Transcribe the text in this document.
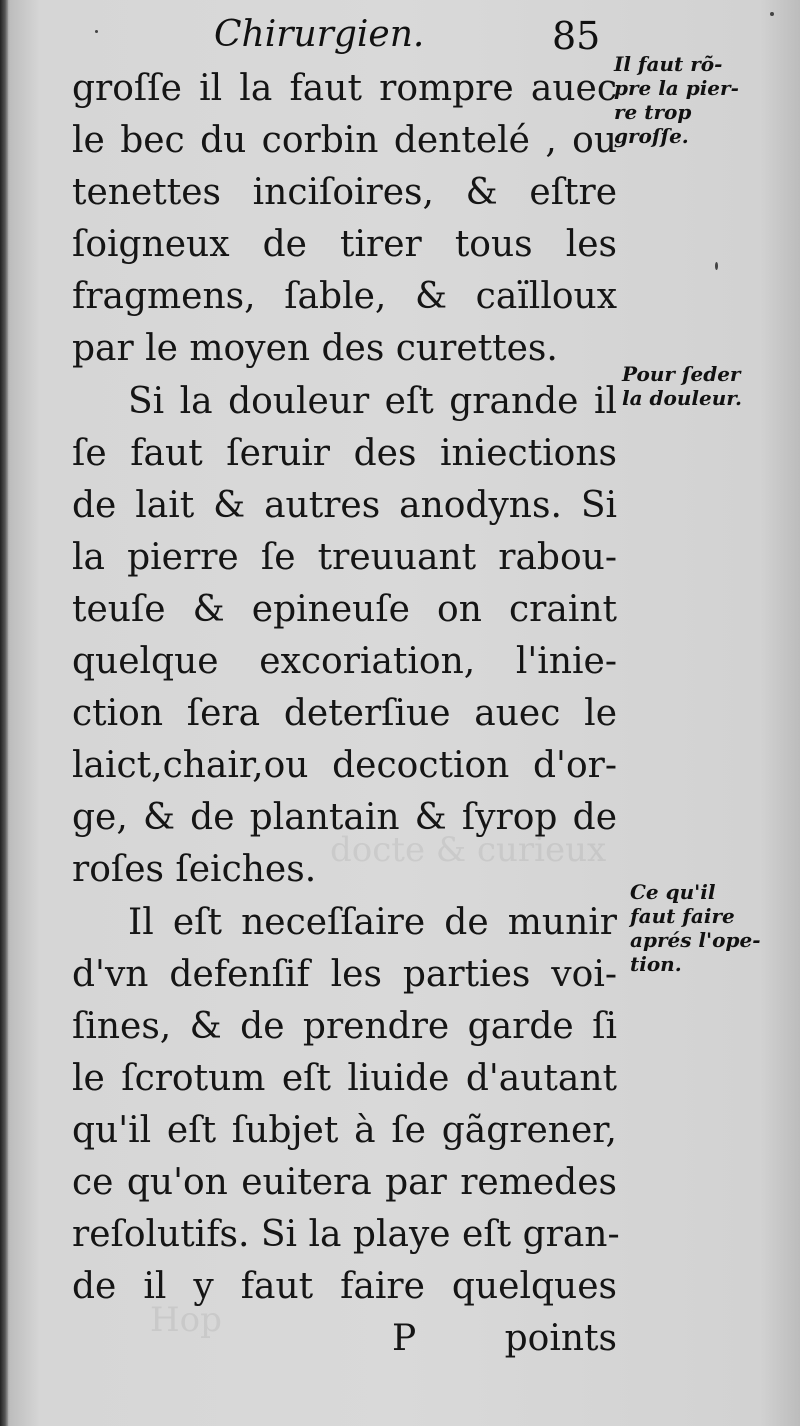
docte & curieux
Hop
Chirurgien.	85
groſſe il la faut rompre auec
le bec du corbin dentelé , ou
tenettes inciſoires, & eſtre
ſoigneux de tirer tous les
fragmens, ſable, & caïlloux
par le moyen des curettes.
Si la douleur eſt grande il
ſe faut ſeruir des iniections
de lait & autres anodyns. Si
la pierre ſe treuuant rabou-
teuſe & epineuſe on craint
quelque excoriation, l'inie-
ction ſera deterſiue auec le
laict,chair,ou decoction d'or-
ge, & de plantain & ſyrop de
roſes ſeiches.
Il eſt neceſſaire de munir
d'vn defenſif les parties voi-
ſines, & de prendre garde ſi
le ſcrotum eſt liuide d'autant
qu'il eſt ſubjet à ſe gãgrener,
ce qu'on euitera par remedes
reſolutifs. Si la playe eſt gran-
de il y faut faire quelques
P points
Il faut rõ-
pre la pier-
re trop
groſſe.
Pour ſeder
la douleur.
Ce qu'il
faut faire
aprés l'ope-
tion.
